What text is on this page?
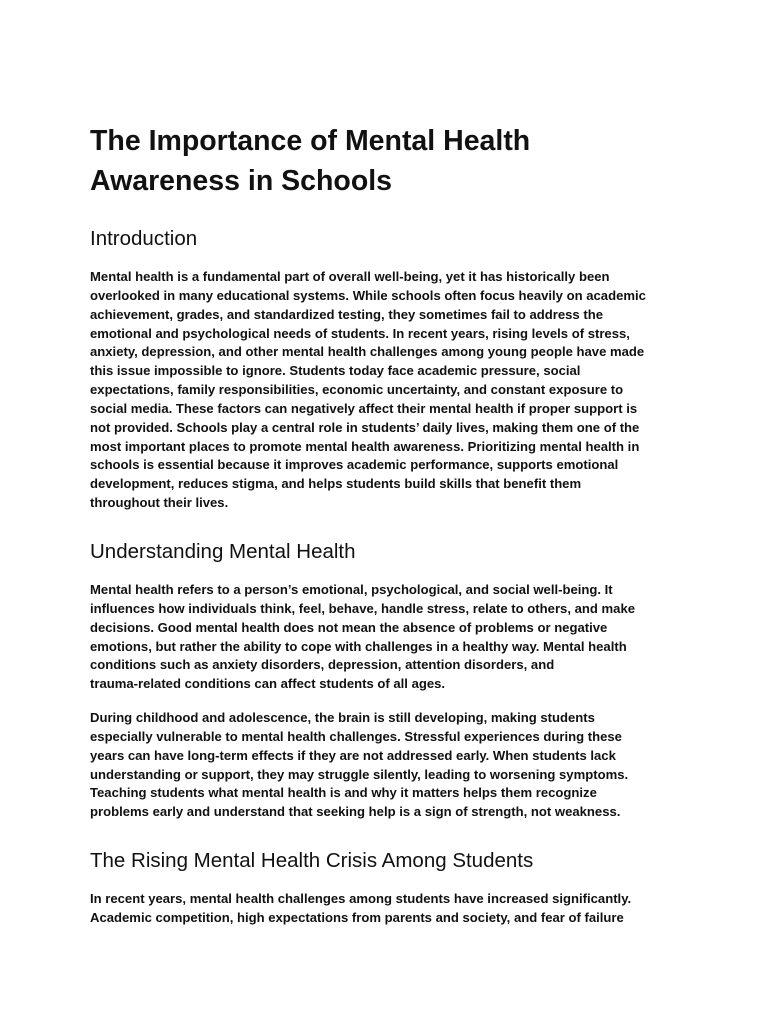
The Importance of Mental Health
Awareness in Schools
Introduction

Mental health is a fundamental part of overall well-being, yet it has historically been
overlooked in many educational systems. While schools often focus heavily on academic
achievement, grades, and standardized testing, they sometimes fail to address the
emotional and psychological needs of students. In recent years, rising levels of stress,
anxiety, depression, and other mental health challenges among young people have made
this issue impossible to ignore. Students today face academic pressure, social
expectations, family responsibilities, economic uncertainty, and constant exposure to
social media. These factors can negatively affect their mental health if proper support is
not provided. Schools play a central role in students’ daily lives, making them one of the
most important places to promote mental health awareness. Prioritizing mental health in
schools is essential because it improves academic performance, supports emotional
development, reduces stigma, and helps students build skills that benefit them
throughout their lives.

Understanding Mental Health

Mental health refers to a person’s emotional, psychological, and social well-being. It
influences how individuals think, feel, behave, handle stress, relate to others, and make
decisions. Good mental health does not mean the absence of problems or negative
emotions, but rather the ability to cope with challenges in a healthy way. Mental health
conditions such as anxiety disorders, depression, attention disorders, and
trauma-related conditions can affect students of all ages.

During childhood and adolescence, the brain is still developing, making students
especially vulnerable to mental health challenges. Stressful experiences during these
years can have long-term effects if they are not addressed early. When students lack
understanding or support, they may struggle silently, leading to worsening symptoms.
Teaching students what mental health is and why it matters helps them recognize
problems early and understand that seeking help is a sign of strength, not weakness.

The Rising Mental Health Crisis Among Students

In recent years, mental health challenges among students have increased significantly.
Academic competition, high expectations from parents and society, and fear of failure
